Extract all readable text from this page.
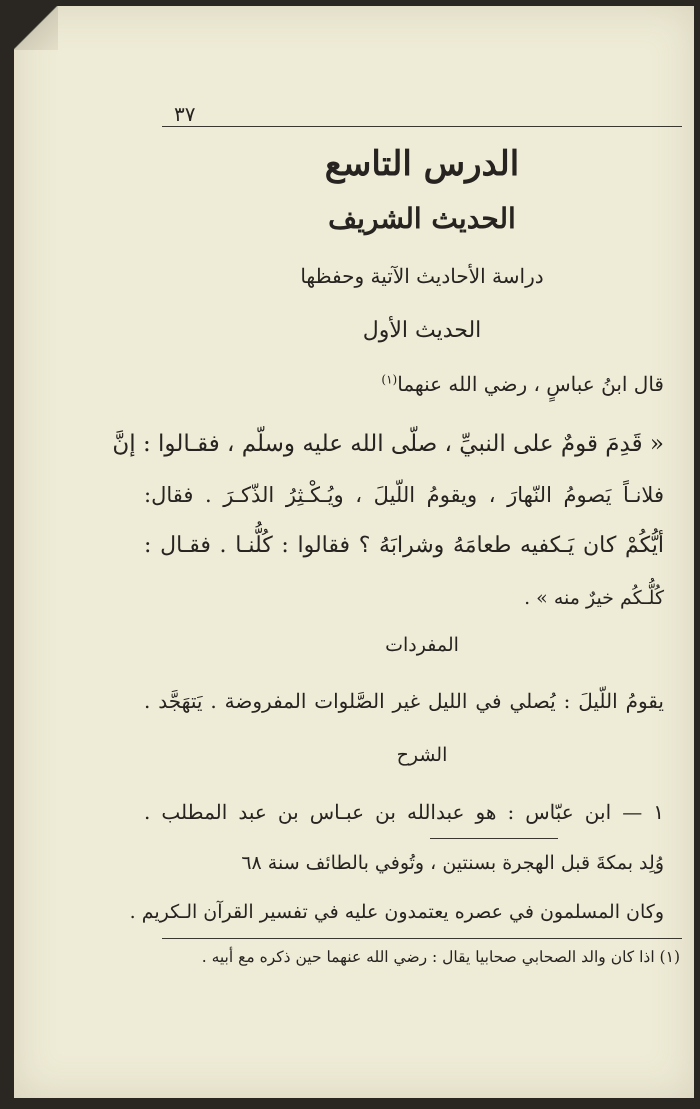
٣٧
الدرس التاسع
الحديث الشريف
دراسة الأحاديث الآتية وحفظها
الحديث الأول
قال ابنُ عباسٍ ، رضي الله عنهما$^{(١)}$
« قَدِمَ قومٌ على النبيِّ ، صلّى الله عليه وسلّم ، فقـالوا : إنَّ
فلانـاً يَصومُ النّهارَ ، ويقومُ اللّيلَ ، ويُـكْـثِرُ الذّكـرَ . فقال:
أيُّكُمْ كان يَـكفيه طعامَهُ وشرابَهُ ؟ فقالوا : كُلُّنـا . فقـال :
كُلُّـكُم خيرٌ منه » .
المفردات
يقومُ اللّيلَ : يُصلي في الليل غير الصَّلوات المفروضة . يَتهَجَّد .
الشرح
١ — ابن عبّاس : هو عبدالله بن عبـاس بن عبد المطلب .
وُلِد بمكةَ قبل الهجرة بسنتين ، وتُوفي بالطائف سنة ٦٨
وكان المسلمون في عصره يعتمدون عليه في تفسير القرآن الـكريم .
(١) اذا كان والد الصحابي صحابيا يقال : رضي الله عنهما حين ذكره مع أبيه .
